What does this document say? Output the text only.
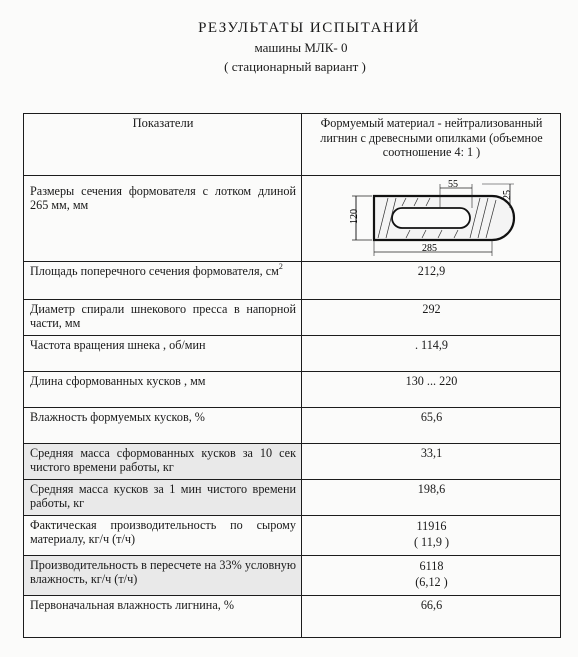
РЕЗУЛЬТАТЫ ИСПЫТАНИЙ
машины МЛК- 0
( стационарный вариант )
Показатели	Формуемый материал - нейтрализованный лигнин с древесными опилками (объемное соотношение 4: 1 )
Размеры сечения формователя с лотком длиной 265 мм, мм	120
55
25
285

Площадь поперечного сечения формователя, $см^2$	212,9
Диаметр спирали шнекового пресса в напорной части, мм	292
Частота вращения шнека , об/мин	. 114,9
Длина сформованных кусков , мм	130 ... 220
Влажность формуемых кусков, %	65,6
Средняя масса сформованных кусков за 10 сек чистого времени работы, кг	33,1
Средняя масса кусков за 1 мин чистого времени работы, кг	198,6
Фактическая производительность по сырому материалу, кг/ч (т/ч)	11916
( 11,9 )

Производительность в пересчете на 33% условную влажность, кг/ч (т/ч)	6118
(6,12 )

Первоначальная влажность лигнина, %	66,6
